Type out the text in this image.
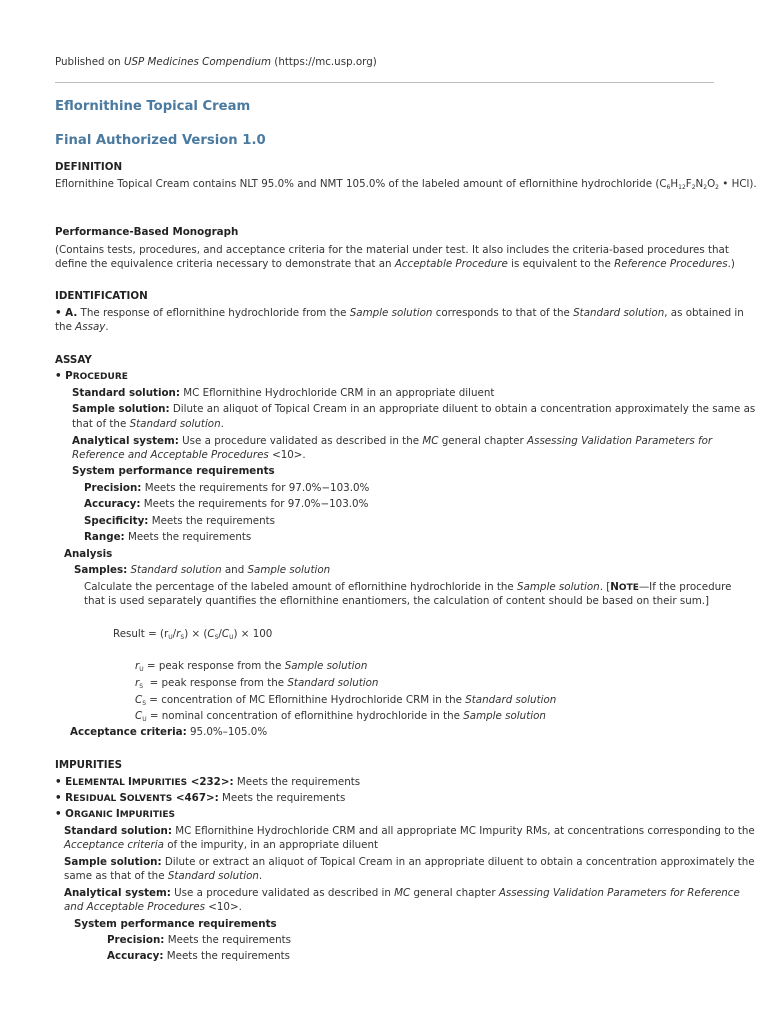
Published on USP Medicines Compendium (https://mc.usp.org)
Eflornithine Topical Cream
Final Authorized Version 1.0
DEFINITION
Eflornithine Topical Cream contains NLT 95.0% and NMT 105.0% of the labeled amount of eflornithine hydrochloride ($C_6H_{12}F_2N_2O_2$ • HCl).
Performance-Based Monograph
(Contains tests, procedures, and acceptance criteria for the material under test. It also includes the criteria-based procedures that
define the equivalence criteria necessary to demonstrate that an Acceptable Procedure is equivalent to the Reference Procedures.)
IDENTIFICATION
• A. The response of eflornithine hydrochloride from the Sample solution corresponds to that of the Standard solution, as obtained in
the Assay.
ASSAY
• PROCEDURE
Standard solution: MC Eflornithine Hydrochloride CRM in an appropriate diluent
Sample solution: Dilute an aliquot of Topical Cream in an appropriate diluent to obtain a concentration approximately the same as
that of the Standard solution.
Analytical system: Use a procedure validated as described in the MC general chapter Assessing Validation Parameters for
Reference and Acceptable Procedures <10>.
System performance requirements
Precision: Meets the requirements for 97.0%−103.0%
Accuracy: Meets the requirements for 97.0%−103.0%
Specificity: Meets the requirements
Range: Meets the requirements
Analysis
Samples: Standard solution and Sample solution
Calculate the percentage of the labeled amount of eflornithine hydrochloride in the Sample solution. [NOTE—If the procedure
that is used separately quantifies the eflornithine enantiomers, the calculation of content should be based on their sum.]
Result = $(r_U/r_S) \times (C_S/C_U) \times 100$
$r_U$ = peak response from the Sample solution
$r_S$  = peak response from the Standard solution
$C_S$ = concentration of MC Eflornithine Hydrochloride CRM in the Standard solution
$C_U$ = nominal concentration of eflornithine hydrochloride in the Sample solution
Acceptance criteria: 95.0%–105.0%
IMPURITIES
• ELEMENTAL IMPURITIES <232>: Meets the requirements
• RESIDUAL SOLVENTS <467>: Meets the requirements
• ORGANIC IMPURITIES
Standard solution: MC Eflornithine Hydrochloride CRM and all appropriate MC Impurity RMs, at concentrations corresponding to the
Acceptance criteria of the impurity, in an appropriate diluent
Sample solution: Dilute or extract an aliquot of Topical Cream in an appropriate diluent to obtain a concentration approximately the
same as that of the Standard solution.
Analytical system: Use a procedure validated as described in MC general chapter Assessing Validation Parameters for Reference
and Acceptable Procedures <10>.
System performance requirements
Precision: Meets the requirements
Accuracy: Meets the requirements
